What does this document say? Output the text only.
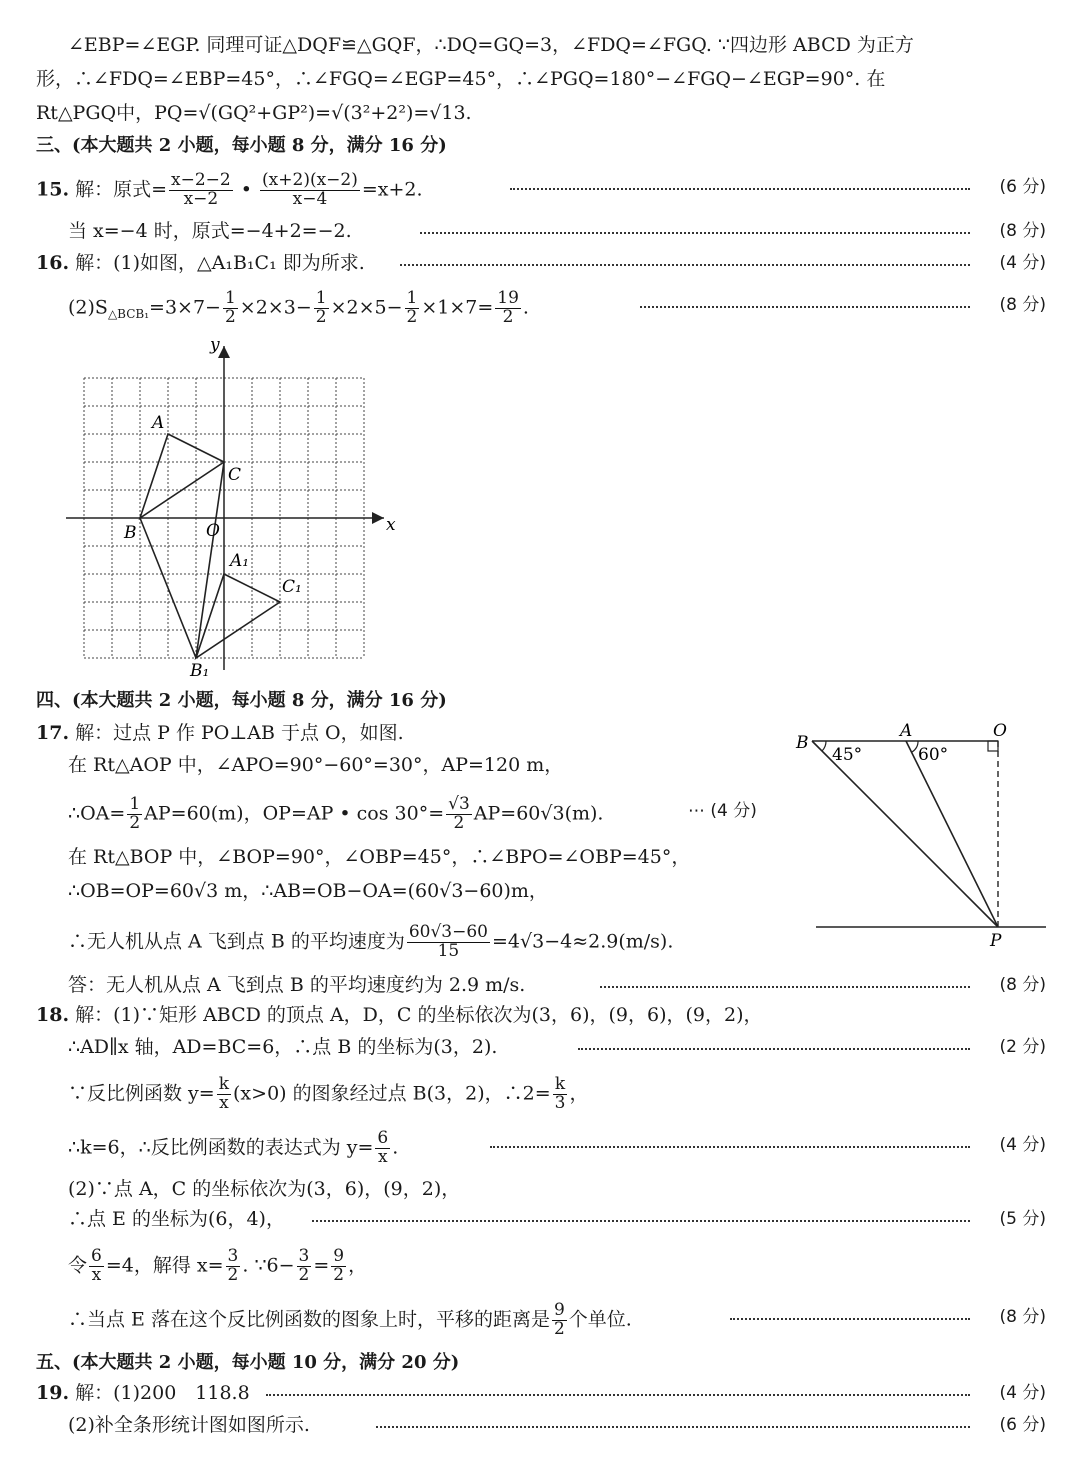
∠EBP=∠EGP. 同理可证△DQF≌△GQF，∴DQ=GQ=3，∠FDQ=∠FGQ. ∵四边形 ABCD 为正方
形，∴∠FDQ=∠EBP=45°，∴∠FGQ=∠EGP=45°，∴∠PGQ=180°−∠FGQ−∠EGP=90°. 在
Rt△PGQ中，PQ=√(GQ²+GP²)=√(3²+2²)=√13.
三、(本大题共 2 小题，每小题 8 分，满分 16 分)
15. 解：原式= $\frac{x-2-2}{x-2}$ • $\frac{(x+2)(x-2)}{x-4} =x+2$.	(6 分)
当 x=−4 时，原式=−4+2=−2.	(8 分)
16. 解：(1)如图，△A₁B₁C₁ 即为所求.	(4 分)
$(2)S_{\triangle BCB_1}=3\times 7- \frac{1}{2} \times 2\times 3- \frac{1}{2} \times 2\times 5- \frac{1}{2} \times 1\times 7= \frac{19}{2}$ .	(8 分)
y
x
A
B
C
O
A₁
C₁
B₁
四、(本大题共 2 小题，每小题 8 分，满分 16 分)
17. 解：过点 P 作 PO⊥AB 于点 O，如图.
在 Rt△AOP 中，∠APO=90°−60°=30°，AP=120 m，
∴OA= $\frac{1}{2} AP=60(m)$，OP=AP • $\cos 30^\circ= \frac{√3}{2} AP=60√3(m)$.	⋯ (4 分)
在 Rt△BOP 中，∠BOP=90°，∠OBP=45°，∴∠BPO=∠OBP=45°，
∴OB=OP=60√3 m，∴AB=OB−OA=(60√3−60)m，
∴无人机从点 A 飞到点 B 的平均速度为 $\frac{60√3-60}{15} =4√3-4\approx 2.9(m/s)$.
答：无人机从点 A 飞到点 B 的平均速度约为 2.9 m/s.	(8 分)
B
A	O
P
45°	60°
18. 解：(1)∵矩形 ABCD 的顶点 A，D，C 的坐标依次为(3，6)，(9，6)，(9，2)，
∴AD∥x 轴，AD=BC=6，∴点 B 的坐标为(3，2).	(2 分)
∵反比例函数 $y= \frac{k}{x} (x>0)$ 的图象经过点 B(3，2)，∴2= $\frac{k}{3}$ ，
∴k=6，∴反比例函数的表达式为 $y= \frac{6}{x}$ .	(4 分)
(2)∵点 A，C 的坐标依次为(3，6)，(9，2)，
∴点 E 的坐标为(6，4)，	(5 分)
令 $\frac{6}{x} =4$，解得 $x= \frac{3}{2}$ . ∵6− $\frac{3}{2} = \frac{9}{2}$ ，
∴当点 E 落在这个反比例函数的图象上时，平移的距离是 $\frac{9}{2}$ 个单位.	(8 分)
五、(本大题共 2 小题，每小题 10 分，满分 20 分)
19. 解：(1)200　118.8	(4 分)
(2)补全条形统计图如图所示.	(6 分)
